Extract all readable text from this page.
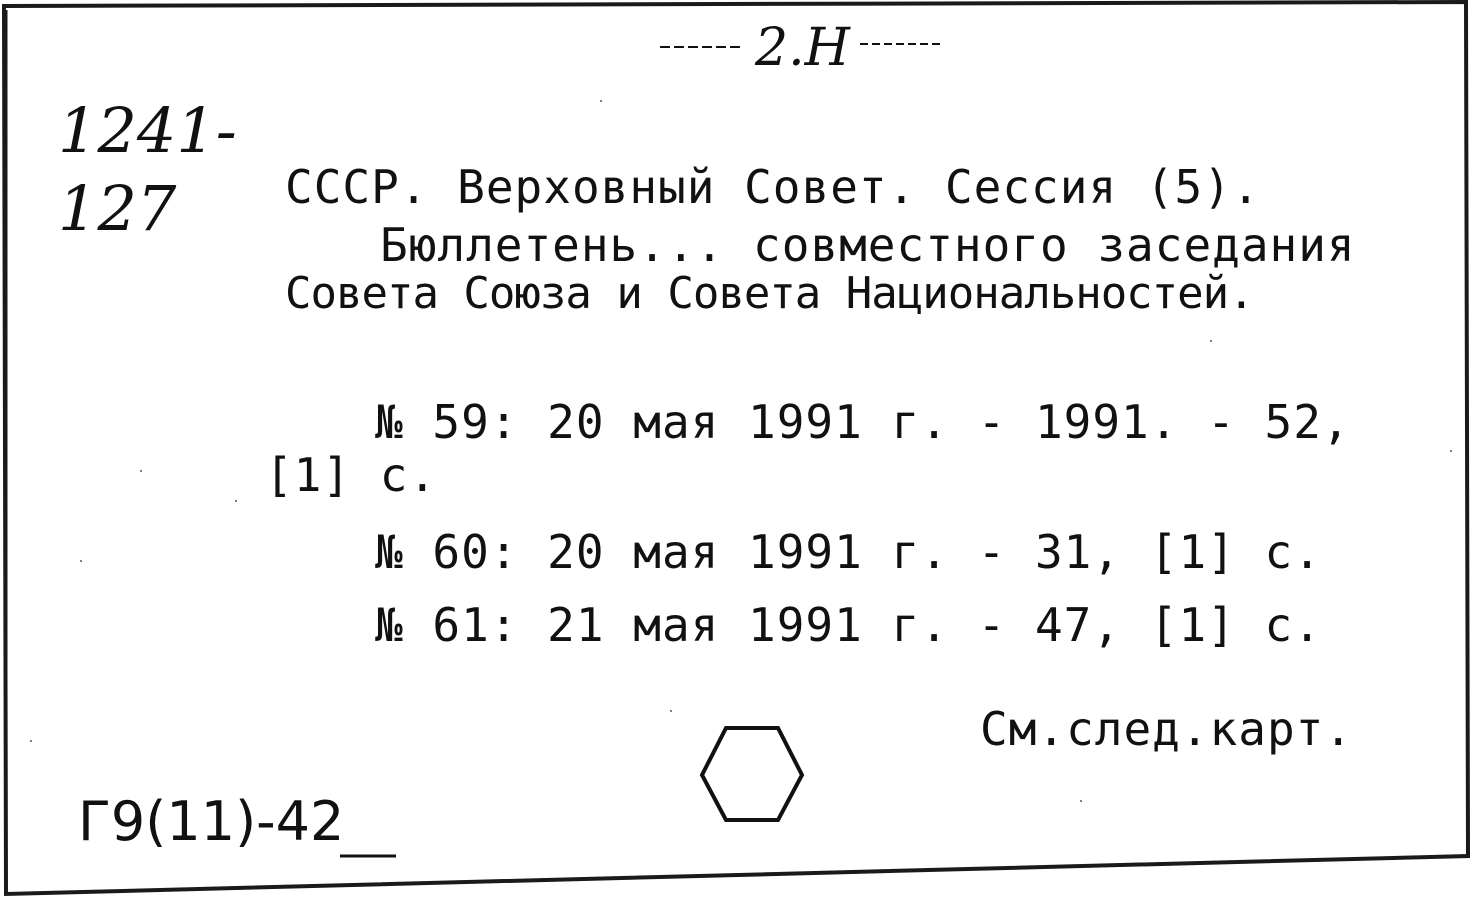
2.Н
1241-127	СССР. Верховный Совет. Сессия (5).
Бюллетень... совместного заседания
Совета Союза и Совета Национальностей.
№ 59: 20 мая 1991 г. - 1991. - 52,
[1] с.
№ 60: 20 мая 1991 г. - 31, [1] с.
№ 61: 21 мая 1991 г. - 47, [1] с.
См.след.карт.
Г9(11)-42
